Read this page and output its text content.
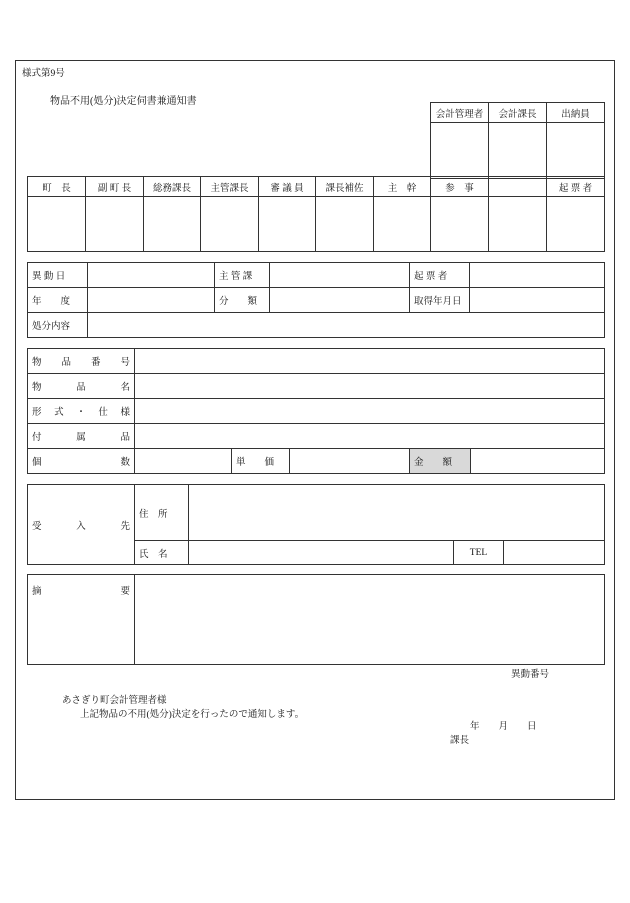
様式第9号
物品不用(処分)決定伺書兼通知書
会計管理者	会計課長	出納員

町　長	副 町 長	総務課長	主管課長	審 議 員	課長補佐	主　幹	参　事		起 票 者

異 動 日		主 管 課		起 票 者	
年　　度		分　　類		取得年月日	
処分内容					
物 品 番 号					
物 品 名					
形式・仕様					
付 属 品					
個 数		単　　価		金　　額	
受 入 先	住　所			
	氏　名		TEL	
摘　　　　　要	
異動番号
あさぎり町会計管理者様
上記物品の不用(処分)決定を行ったので通知します。
年　　月　　日
課長
